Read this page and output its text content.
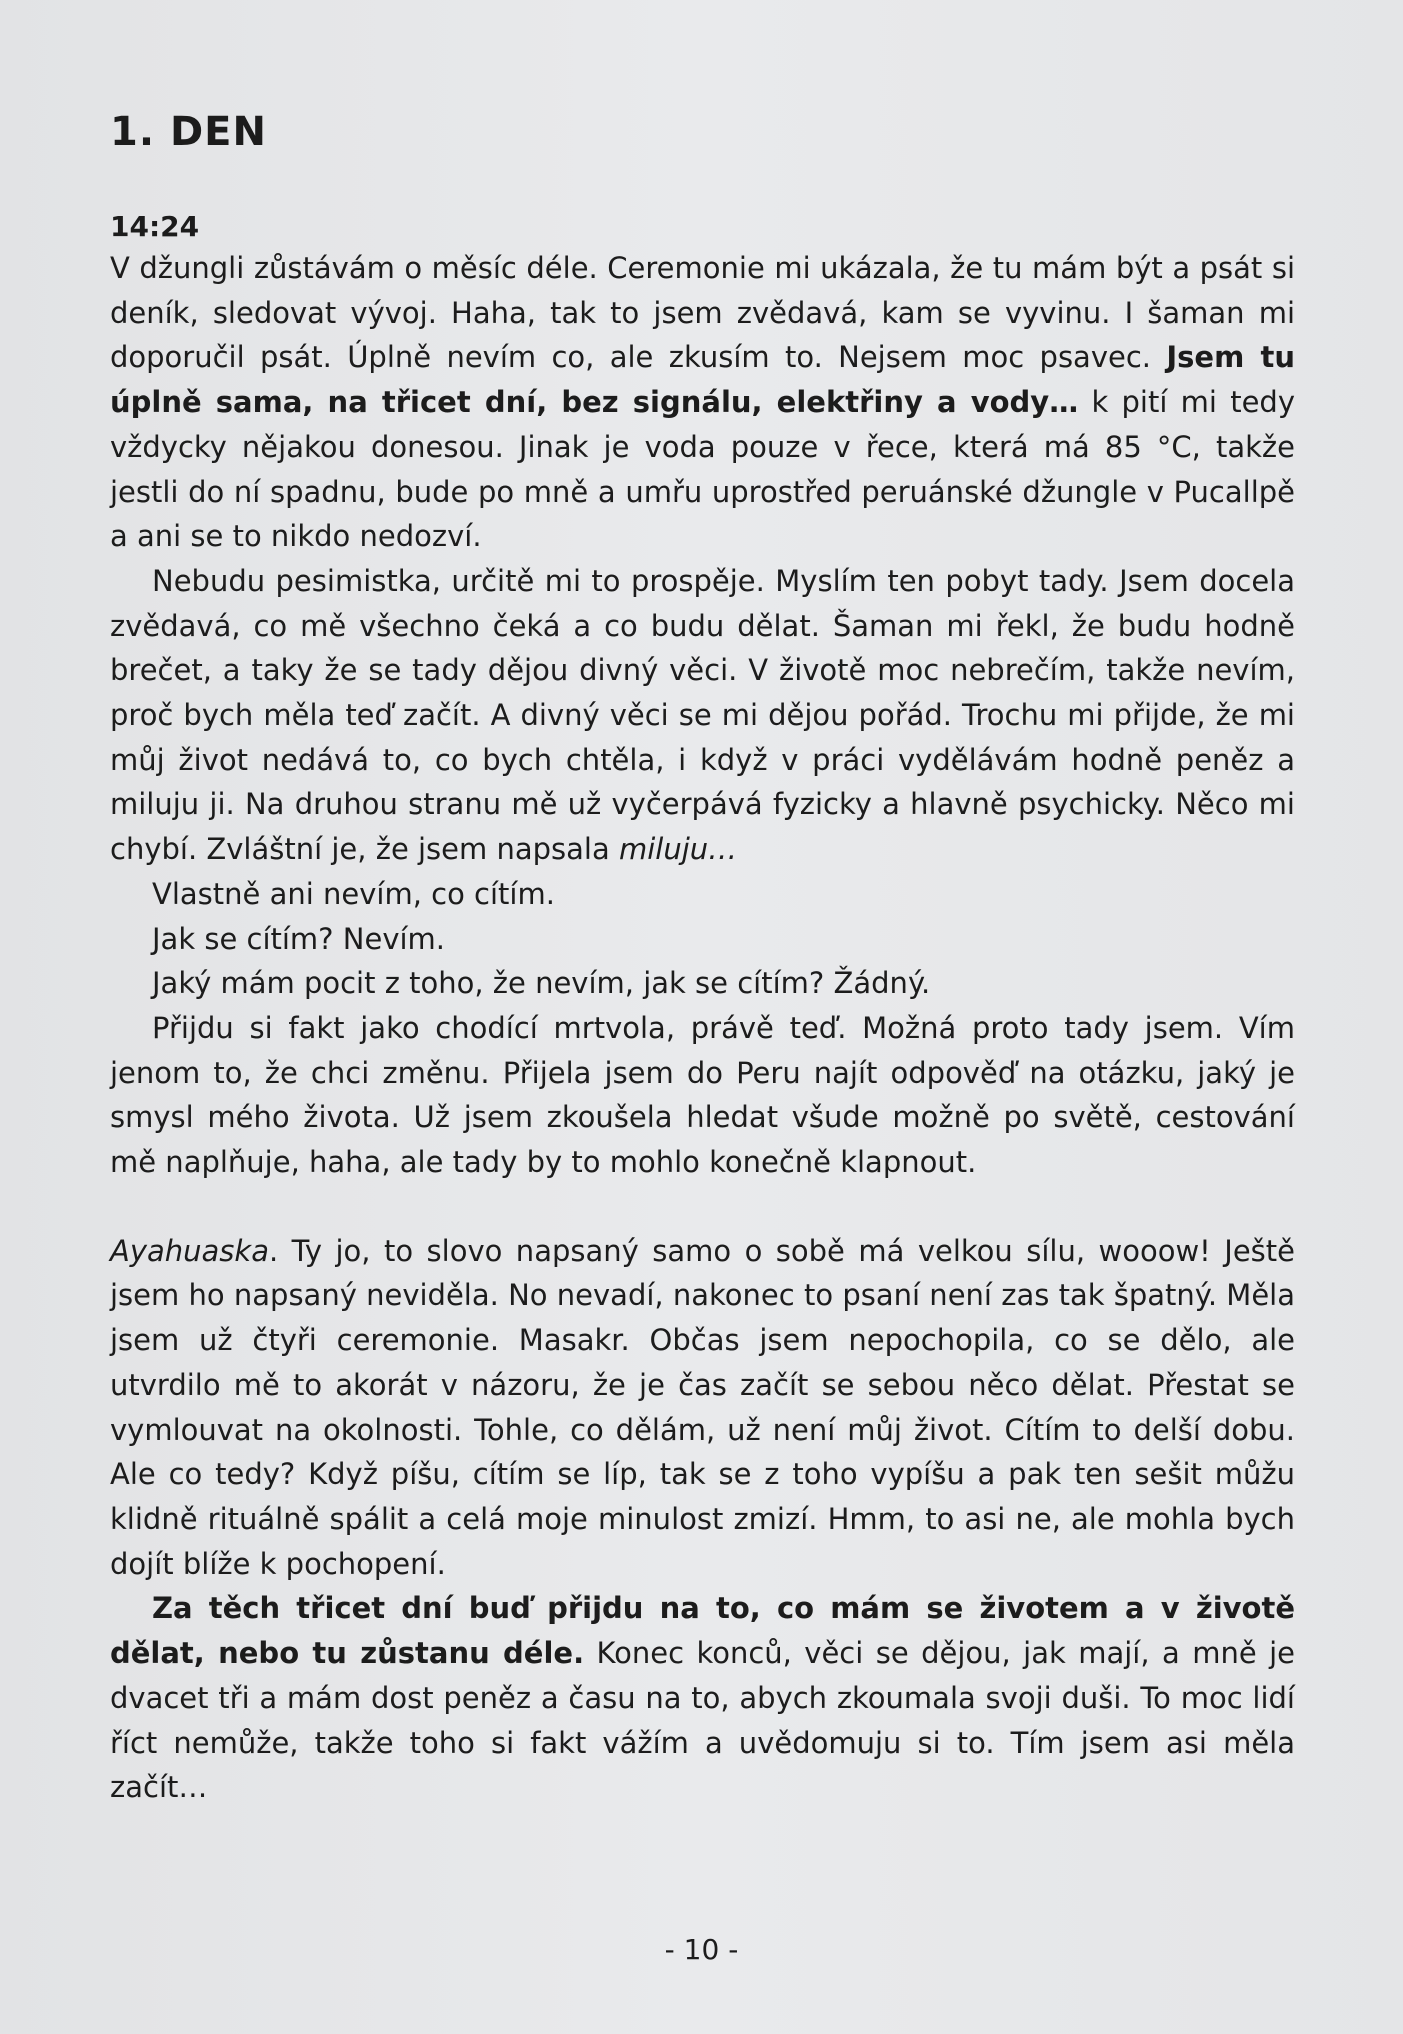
1. DEN

14:24

V džungli zůstávám o měsíc déle. Ceremonie mi ukázala, že tu mám být a psát si deník, sledovat vývoj. Haha, tak to jsem zvědavá, kam se vyvinu. I šaman mi doporučil psát. Úplně nevím co, ale zkusím to. Nejsem moc psavec. Jsem tu úplně sama, na třicet dní, bez signálu, elektřiny a vody… k pití mi tedy vždycky nějakou donesou. Jinak je voda pouze v řece, která má 85 °C, takže jestli do ní spadnu, bude po mně a umřu uprostřed peruánské džungle v Pucallpě a ani se to nikdo nedozví.

Nebudu pesimistka, určitě mi to prospěje. Myslím ten pobyt tady. Jsem docela zvědavá, co mě všechno čeká a co budu dělat. Šaman mi řekl, že budu hodně brečet, a taky že se tady dějou divný věci. V životě moc nebrečím, takže nevím, proč bych měla teď začít. A divný věci se mi dějou pořád. Trochu mi přijde, že mi můj život nedává to, co bych chtěla, i když v práci vydělávám hodně peněz a miluju ji. Na druhou stranu mě už vyčerpává fyzicky a hlavně psychicky. Něco mi chybí. Zvláštní je, že jsem napsala miluju…

Vlastně ani nevím, co cítím.

Jak se cítím? Nevím.

Jaký mám pocit z toho, že nevím, jak se cítím? Žádný.

Přijdu si fakt jako chodící mrtvola, právě teď. Možná proto tady jsem. Vím jenom to, že chci změnu. Přijela jsem do Peru najít odpověď na otázku, jaký je smysl mého života. Už jsem zkoušela hledat všude možně po světě, cestování mě naplňuje, haha, ale tady by to mohlo konečně klapnout.

Ayahuaska. Ty jo, to slovo napsaný samo o sobě má velkou sílu, wooow! Ještě jsem ho napsaný neviděla. No nevadí, nakonec to psaní není zas tak špatný. Měla jsem už čtyři ceremonie. Masakr. Občas jsem nepochopila, co se dělo, ale utvrdilo mě to akorát v názoru, že je čas začít se sebou něco dělat. Přestat se vymlouvat na okolnosti. Tohle, co dělám, už není můj život. Cítím to delší dobu. Ale co tedy? Když píšu, cítím se líp, tak se z toho vypíšu a pak ten sešit můžu klidně rituálně spálit a celá moje minulost zmizí. Hmm, to asi ne, ale mohla bych dojít blíže k pochopení.

Za těch třicet dní buď přijdu na to, co mám se životem a v životě dělat, nebo tu zůstanu déle. Konec konců, věci se dějou, jak mají, a mně je dvacet tři a mám dost peněz a času na to, abych zkoumala svoji duši. To moc lidí říct nemůže, takže toho si fakt vážím a uvědomuju si to. Tím jsem asi měla začít…

- 10 -
